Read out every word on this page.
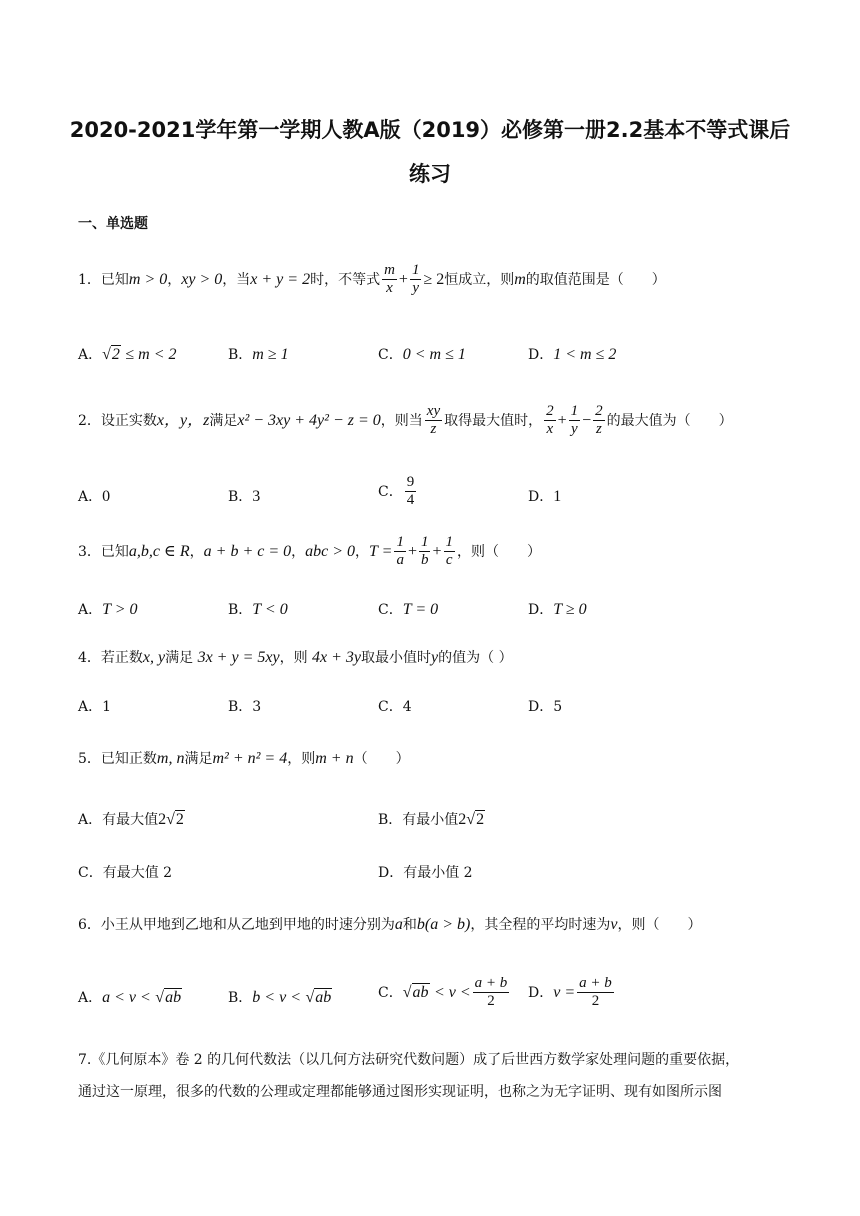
2020-2021学年第一学期人教A版（2019）必修第一册2.2基本不等式课后
练习
一、单选题
1．已知m > 0，xy > 0，当x + y = 2时，不等式 $\frac{m}{x} + \frac{1}{y} \ge 2$恒成立，则m的取值范围是（　　）
A．√2 ≤ m < 2	B．m ≥ 1	C．0 < m ≤ 1	D．1 < m ≤ 2
2．设正实数x，y，z满足x² − 3xy + 4y² − z = 0，则当 $\frac{xy}{z}$ 取得最大值时， $\frac{2}{x} + \frac{1}{y} - \frac{2}{z}$ 的最大值为（　　）
A．0	B．3	C． $\frac{9}{4}$	D．1
3．已知a,b,c ∈ R，a + b + c = 0，abc > 0，$T = \frac{1}{a} + \frac{1}{b} + \frac{1}{c}$ ，则（　　）
A．T > 0	B．T < 0	C．T = 0	D．T ≥ 0
4．若正数x, y满足 3x + y = 5xy，则 4x + 3y取最小值时y的值为（ ）
A．1	B．3	C．4	D．5
5．已知正数m, n满足m² + n² = 4，则m + n（　　）
A．有最大值2√2	B．有最小值2√2
C．有最大值 2	D．有最小值 2
6．小王从甲地到乙地和从乙地到甲地的时速分别为a和b(a > b)，其全程的平均时速为v，则（　　）
A．a < v < √ab	B．b < v < √ab	C．$√ab < v < \frac{a + b}{2}$ D．$v = \frac{a + b}{2}$
7.《几何原本》卷 2 的几何代数法（以几何方法研究代数问题）成了后世西方数学家处理问题的重要依据，
通过这一原理，很多的代数的公理或定理都能够通过图形实现证明，也称之为无字证明、现有如图所示图
